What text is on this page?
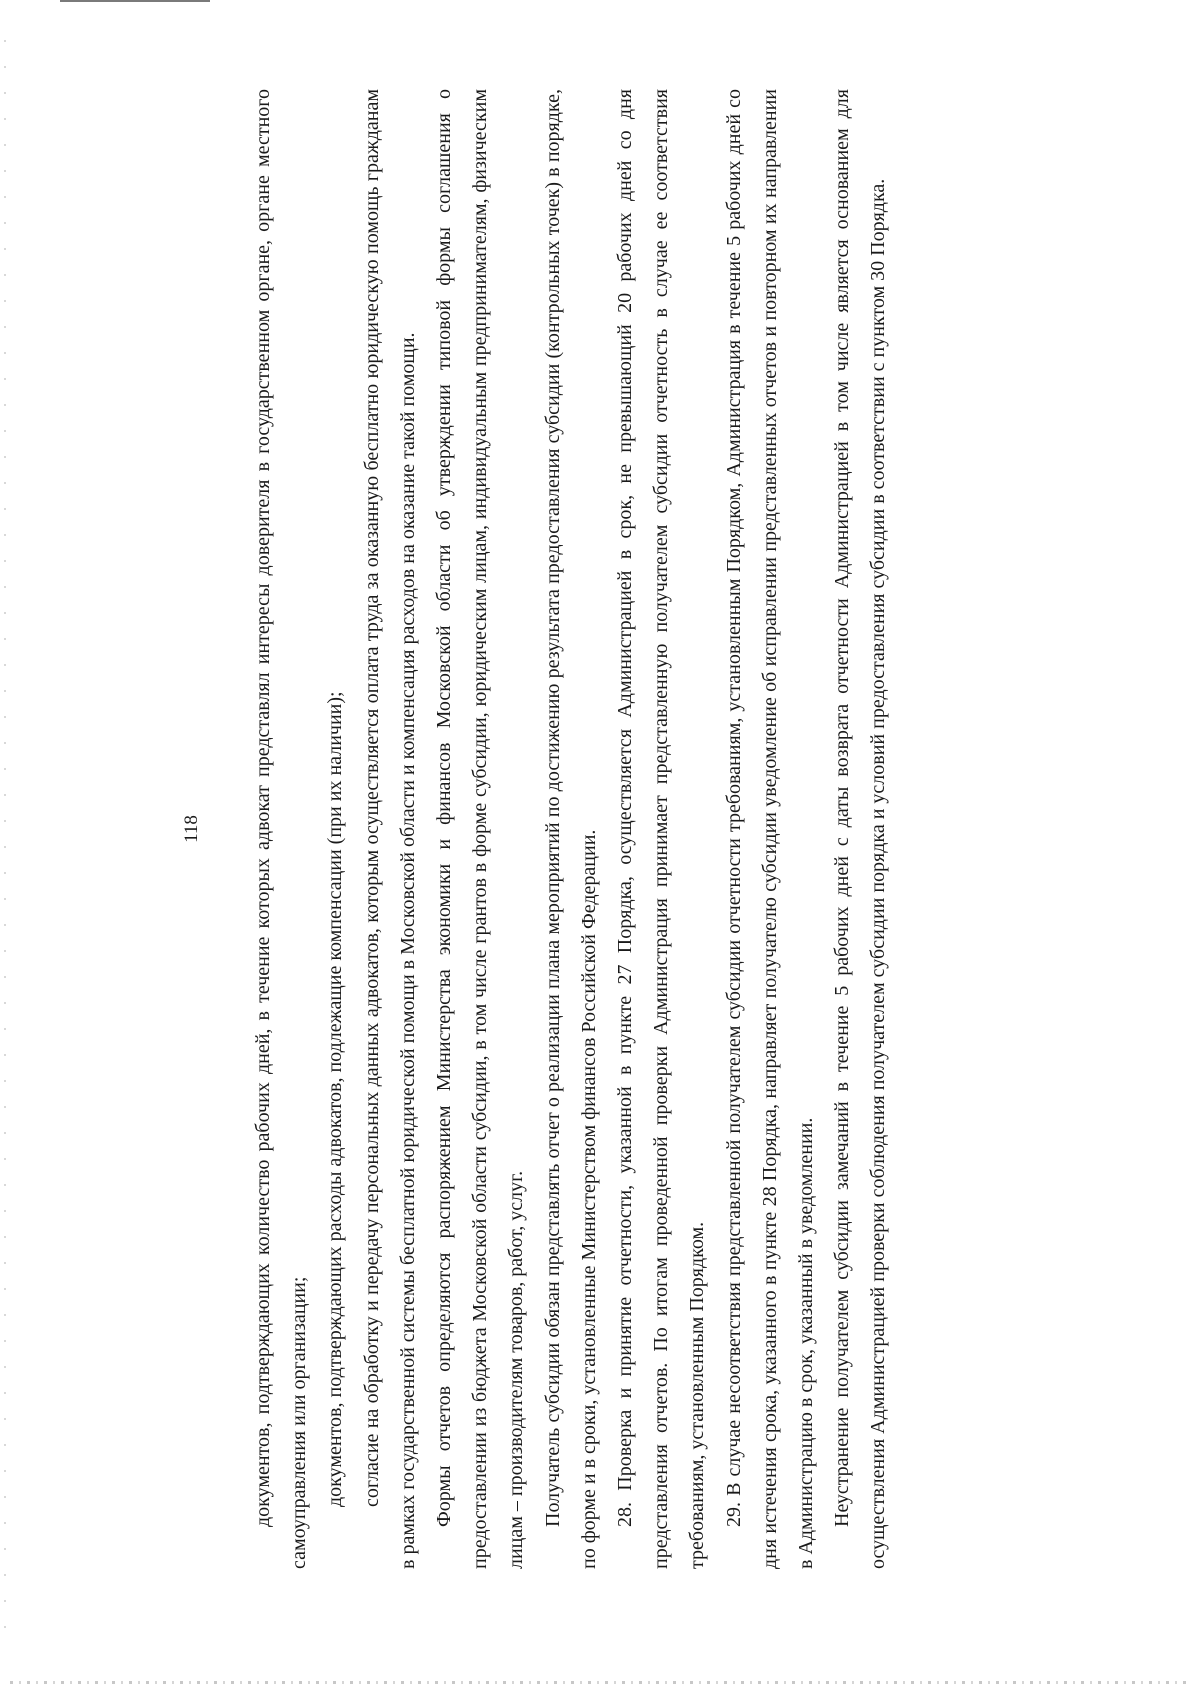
118	документов, подтверждающих количество рабочих дней, в течение которых адвокат представлял интересы доверителя в государственном органе, органе местного самоуправления или организации; документов, подтверждающих расходы адвокатов, подлежащие компенсации (при их наличии); согласие на обработку и передачу персональных данных адвокатов, которым осуществляется оплата труда за оказанную бесплатно юридическую помощь гражданам в рамках государственной системы бесплатной юридической помощи в Московской области и компенсация расходов на оказание такой помощи. Формы отчетов определяются распоряжением Министерства экономики и финансов Московской области об утверждении типовой формы соглашения о предоставлении из бюджета Московской области субсидии, в том числе грантов в форме субсидии, юридическим лицам, индивидуальным предпринимателям, физическим лицам – производителям товаров, работ, услуг. Получатель субсидии обязан представлять отчет о реализации плана мероприятий по достижению результата предоставления субсидии (контрольных точек) в порядке, по форме и в сроки, установленные Министерством финансов Российской Федерации. 28. Проверка и принятие отчетности, указанной в пункте 27 Порядка, осуществляется Администрацией в срок, не превышающий 20 рабочих дней со дня представления отчетов. По итогам проведенной проверки Администрация принимает представленную получателем субсидии отчетность в случае ее соответствия требованиям, установленным Порядком. 29. В случае несоответствия представленной получателем субсидии отчетности требованиям, установленным Порядком, Администрация в течение 5 рабочих дней со дня истечения срока, указанного в пункте 28 Порядка, направляет получателю субсидии уведомление об исправлении представленных отчетов и повторном их направлении в Администрацию в срок, указанный в уведомлении. Неустранение получателем субсидии замечаний в течение 5 рабочих дней с даты возврата отчетности Администрацией в том числе является основанием для осуществления Администрацией проверки соблюдения получателем субсидии порядка и условий предоставления субсидии в соответствии с пунктом 30 Порядка.
